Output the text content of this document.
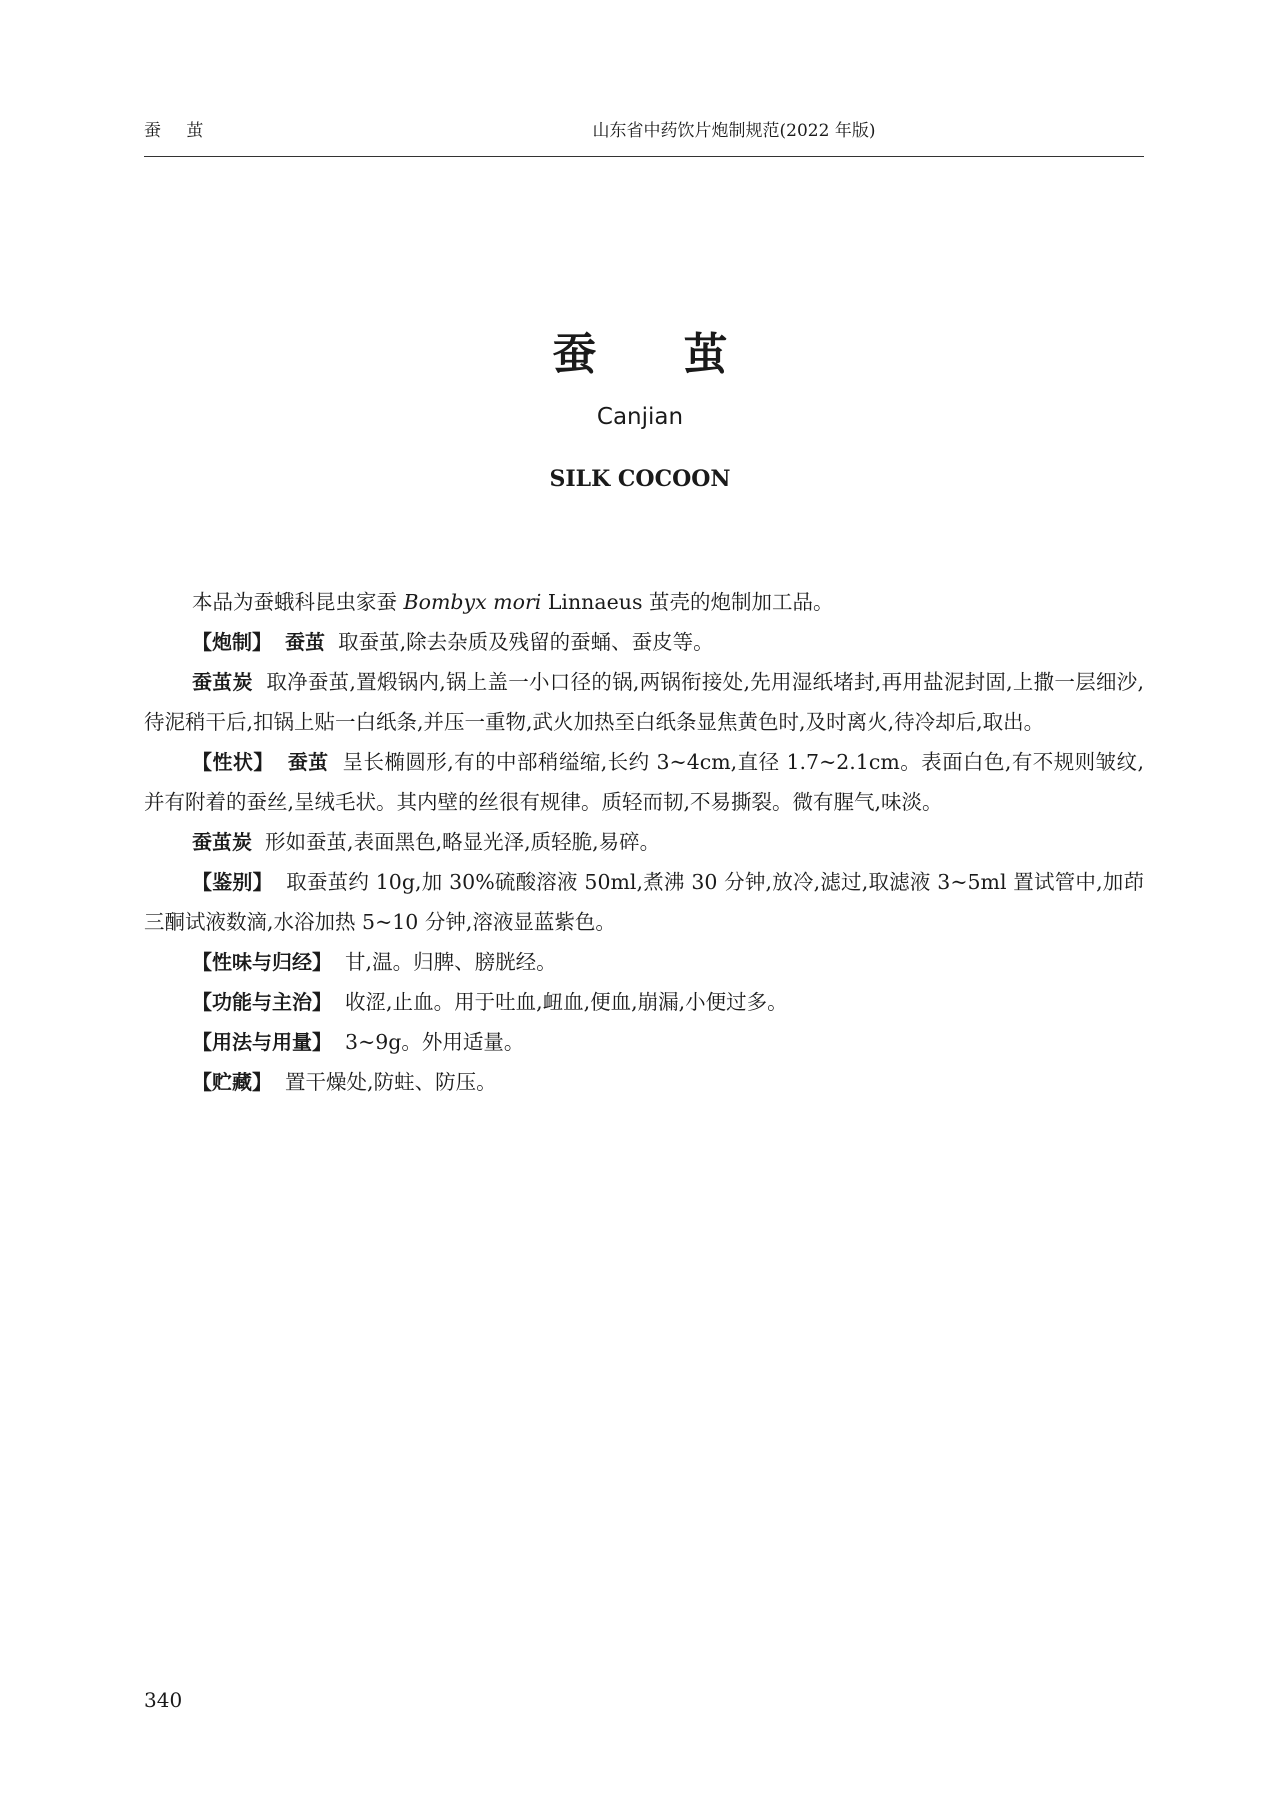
蚕 茧	山东省中药饮片炮制规范(2022 年版)
蚕 茧
Canjian
SILK COCOON

本品为蚕蛾科昆虫家蚕 Bombyx mori Linnaeus 茧壳的炮制加工品。

【炮制】 蚕茧 取蚕茧,除去杂质及残留的蚕蛹、蚕皮等。

蚕茧炭 取净蚕茧,置煅锅内,锅上盖一小口径的锅,两锅衔接处,先用湿纸堵封,再用盐泥封固,上撒一层细沙,待泥稍干后,扣锅上贴一白纸条,并压一重物,武火加热至白纸条显焦黄色时,及时离火,待冷却后,取出。

【性状】 蚕茧 呈长椭圆形,有的中部稍缢缩,长约 3~4cm,直径 1.7~2.1cm。表面白色,有不规则皱纹,并有附着的蚕丝,呈绒毛状。其内壁的丝很有规律。质轻而韧,不易撕裂。微有腥气,味淡。

蚕茧炭 形如蚕茧,表面黑色,略显光泽,质轻脆,易碎。

【鉴别】 取蚕茧约 10g,加 30%硫酸溶液 50ml,煮沸 30 分钟,放冷,滤过,取滤液 3~5ml 置试管中,加茚三酮试液数滴,水浴加热 5~10 分钟,溶液显蓝紫色。

【性味与归经】 甘,温。归脾、膀胱经。

【功能与主治】 收涩,止血。用于吐血,衄血,便血,崩漏,小便过多。

【用法与用量】 3~9g。外用适量。

【贮藏】 置干燥处,防蛀、防压。

340
